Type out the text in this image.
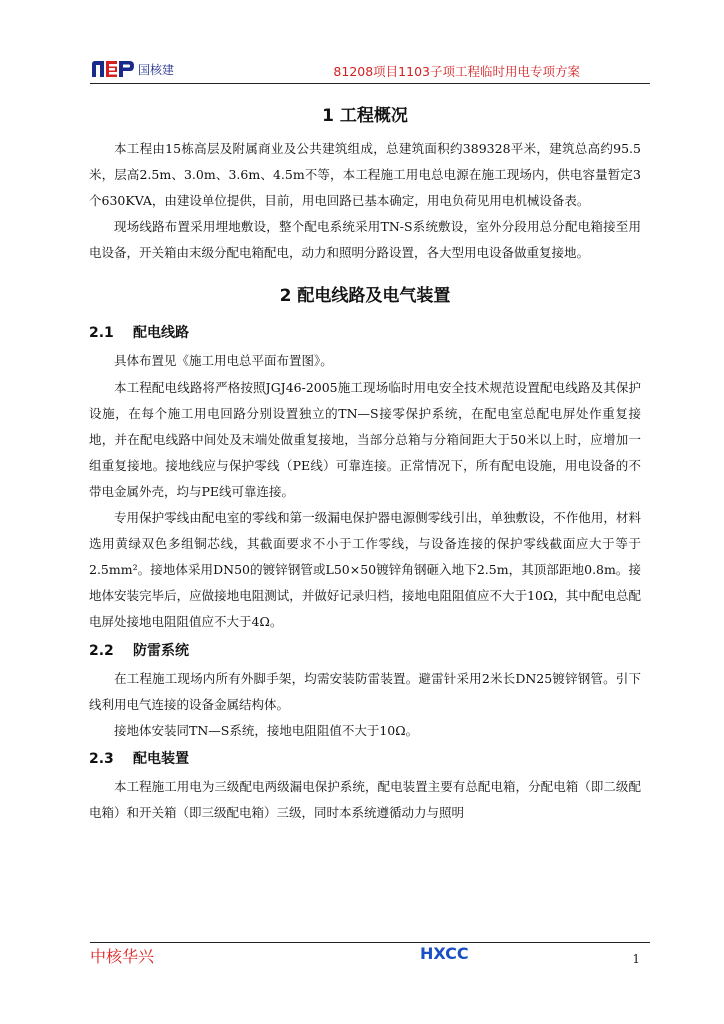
国核建	81208项目1103子项工程临时用电专项方案
1 工程概况

本工程由15栋高层及附属商业及公共建筑组成，总建筑面积约389328平米，建筑总高约95.5米，层高2.5m、3.0m、3.6m、4.5m不等，本工程施工用电总电源在施工现场内，供电容量暂定3个630KVA，由建设单位提供，目前，用电回路已基本确定，用电负荷见用电机械设备表。

现场线路布置采用埋地敷设，整个配电系统采用TN-S系统敷设，室外分段用总分配电箱接至用电设备，开关箱由末级分配电箱配电，动力和照明分路设置，各大型用电设备做重复接地。

2 配电线路及电气装置
2.1	配电线路

具体布置见《施工用电总平面布置图》。

本工程配电线路将严格按照JGJ46-2005施工现场临时用电安全技术规范设置配电线路及其保护设施，在每个施工用电回路分别设置独立的TN—S接零保护系统，在配电室总配电屏处作重复接地，并在配电线路中间处及末端处做重复接地，当部分总箱与分箱间距大于50米以上时，应增加一组重复接地。接地线应与保护零线（PE线）可靠连接。正常情况下，所有配电设施，用电设备的不带电金属外壳，均与PE线可靠连接。

专用保护零线由配电室的零线和第一级漏电保护器电源侧零线引出，单独敷设，不作他用，材料选用黄绿双色多组铜芯线，其截面要求不小于工作零线，与设备连接的保护零线截面应大于等于2.5mm²。接地体采用DN50的镀锌钢管或L50×50镀锌角钢砸入地下2.5m，其顶部距地0.8m。接地体安装完毕后，应做接地电阻测试，并做好记录归档，接地电阻阻值应不大于10Ω，其中配电总配电屏处接地电阻阻值应不大于4Ω。

2.2	防雷系统

在工程施工现场内所有外脚手架，均需安装防雷装置。避雷针采用2米长DN25镀锌钢管。引下线利用电气连接的设备金属结构体。

接地体安装同TN—S系统，接地电阻阻值不大于10Ω。

2.3	配电装置

本工程施工用电为三级配电两级漏电保护系统，配电装置主要有总配电箱，分配电箱（即二级配电箱）和开关箱（即三级配电箱）三级，同时本系统遵循动力与照明

中核华兴	HXCC	1
